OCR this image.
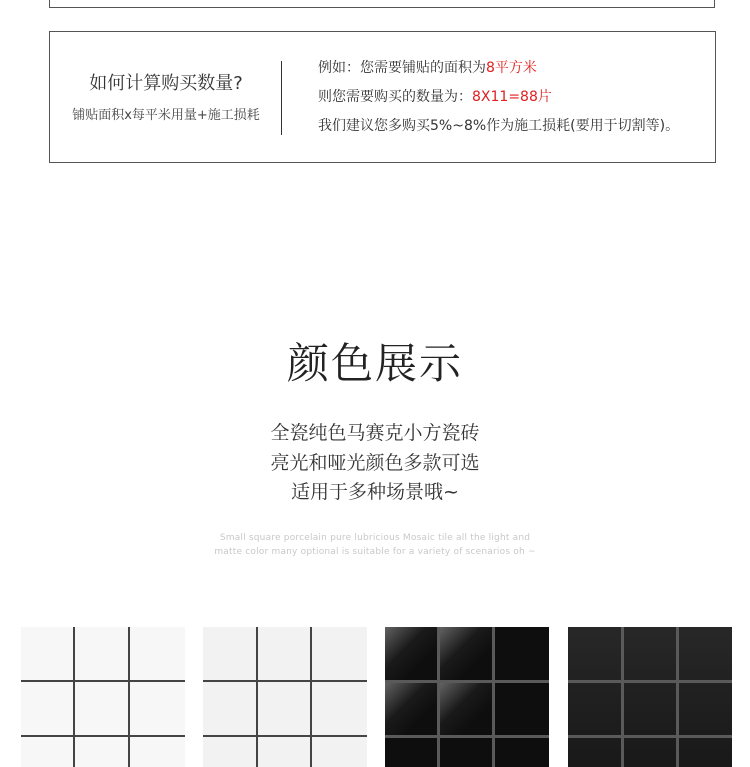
如何计算购买数量?
铺贴面积x每平米用量+施工损耗
例如：您需要铺贴的面积为8平方米
则您需要购买的数量为：8X11=88片
我们建议您多购买5%~8%作为施工损耗(要用于切割等)。
颜色展示
全瓷纯色马赛克小方瓷砖
亮光和哑光颜色多款可选
适用于多种场景哦~
Small square porcelain pure lubricious Mosaic tile all the light and
matte color many optional is suitable for a variety of scenarios oh ~
